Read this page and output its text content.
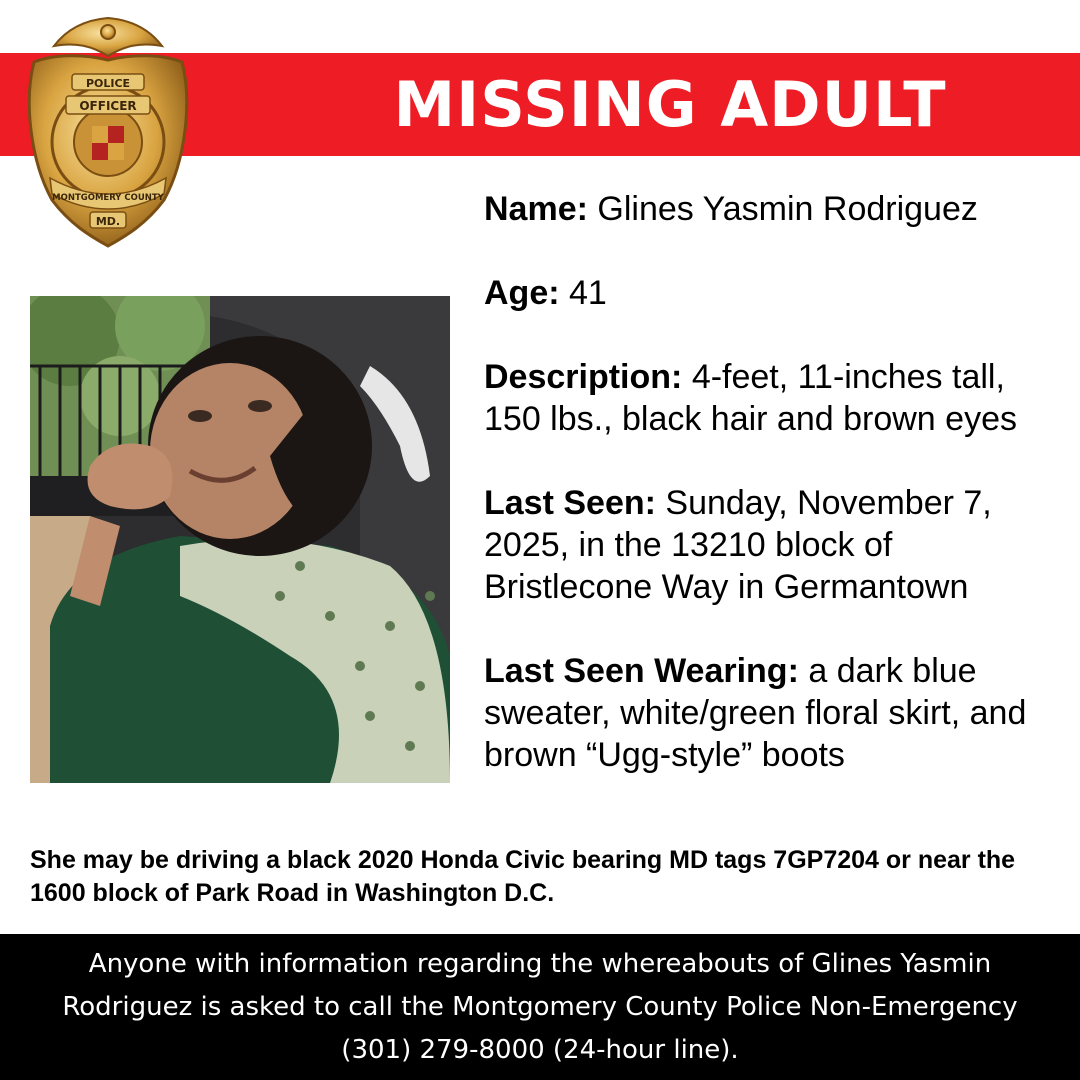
MISSING ADULT
POLICE
OFFICER
MONTGOMERY COUNTY
MD.	Name: Glines Yasmin Rodriguez

Age: 41

Description: 4-feet, 11-inches tall, 150 lbs., black hair and brown eyes

Last Seen: Sunday, November 7, 2025, in the 13210 block of Bristlecone Way in Germantown

Last Seen Wearing: a dark blue sweater, white/green floral skirt, and brown “Ugg-style” boots

She may be driving a black 2020 Honda Civic bearing MD tags 7GP7204 or near the 1600 block of Park Road in Washington D.C.
Anyone with information regarding the whereabouts of Glines Yasmin Rodriguez is asked to call the Montgomery County Police Non-Emergency (301) 279-8000 (24-hour line).
